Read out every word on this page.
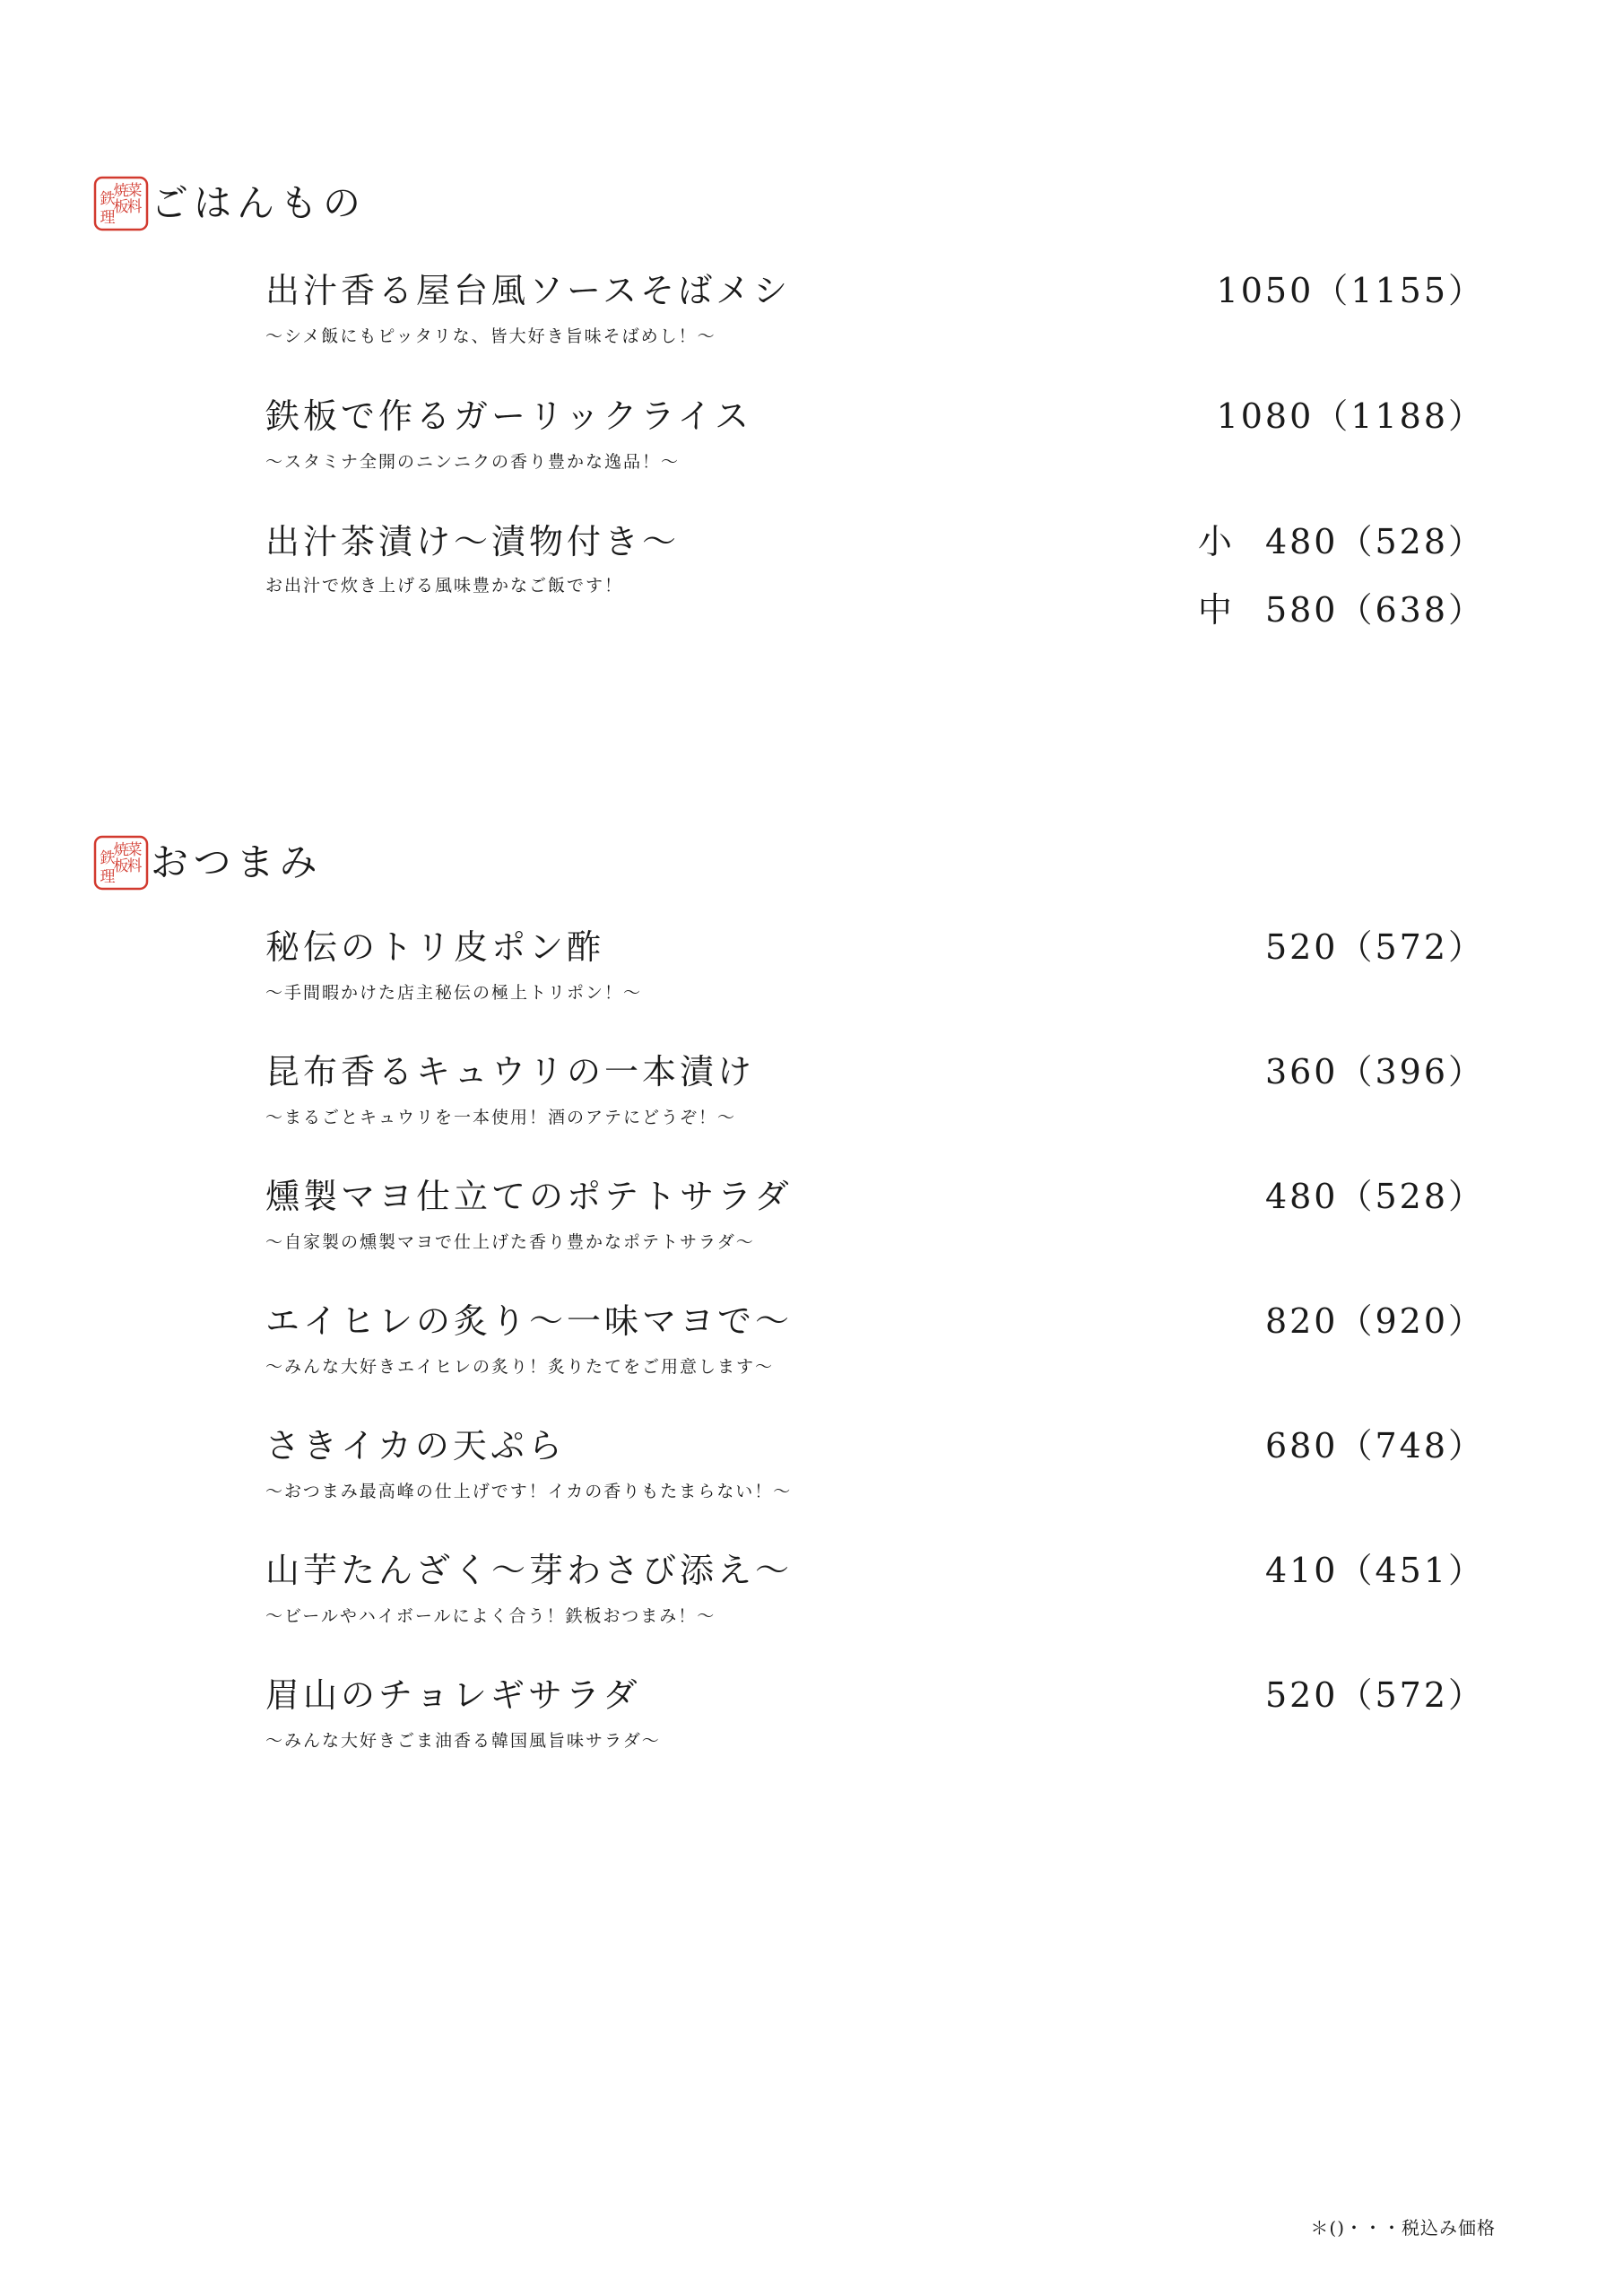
菜
料
焼
板
鉄
理 ごはんもの
出汁香る屋台風ソースそばメシ
～シメ飯にもピッタリな、皆大好き旨味そばめし！～
1050（1155）
鉄板で作るガーリックライス
～スタミナ全開のニンニクの香り豊かな逸品！～
1080（1188）
出汁茶漬け～漬物付き～
お出汁で炊き上げる風味豊かなご飯です！
小 480（528）
中 580（638）
菜
料
焼
板
鉄
理 おつまみ
秘伝のトリ皮ポン酢
～手間暇かけた店主秘伝の極上トリポン！～
520（572）
昆布香るキュウリの一本漬け
～まるごとキュウリを一本使用！酒のアテにどうぞ！～
360（396）
燻製マヨ仕立てのポテトサラダ
～自家製の燻製マヨで仕上げた香り豊かなポテトサラダ～
480（528）
エイヒレの炙り～一味マヨで～
～みんな大好きエイヒレの炙り！炙りたてをご用意します～
820（920）
さきイカの天ぷら
～おつまみ最高峰の仕上げです！イカの香りもたまらない！～
680（748）
山芋たんざく～芽わさび添え～
～ビールやハイボールによく合う！鉄板おつまみ！～
410（451）
眉山のチョレギサラダ
～みんな大好きごま油香る韓国風旨味サラダ～
520（572）
＊()・・・税込み価格
